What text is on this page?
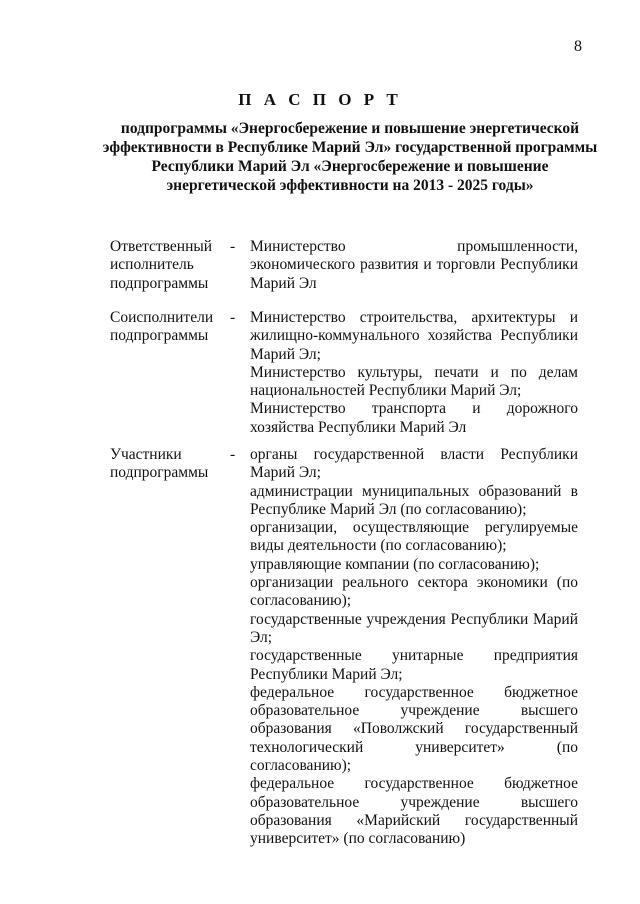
8
П А С П О Р Т
подпрограммы «Энергосбережение и повышение энергетической эффективности в Республике Марий Эл» государственной программы Республики Марий Эл «Энергосбережение и повышение энергетической эффективности на 2013 - 2025 годы»
Ответственный исполнитель подпрограммы
- Министерство промышленности, экономического развития и торговли Республики Марий Эл
Соисполнители подпрограммы
- Министерство строительства, архитектуры и жилищно-коммунального хозяйства Республики Марий Эл;
Министерство культуры, печати и по делам национальностей Республики Марий Эл;
Министерство транспорта и дорожного хозяйства Республики Марий Эл
Участники подпрограммы
- органы государственной власти Республики Марий Эл;
администрации муниципальных образований в Республике Марий Эл (по согласованию);
организации, осуществляющие регулируемые виды деятельности (по согласованию);
управляющие компании (по согласованию);
организации реального сектора экономики (по согласованию);
государственные учреждения Республики Марий Эл;
государственные унитарные предприятия Республики Марий Эл;
федеральное государственное бюджетное образовательное учреждение высшего образования «Поволжский государственный технологический университет» (по согласованию);
федеральное государственное бюджетное образовательное учреждение высшего образования «Марийский государственный университет» (по согласованию)
